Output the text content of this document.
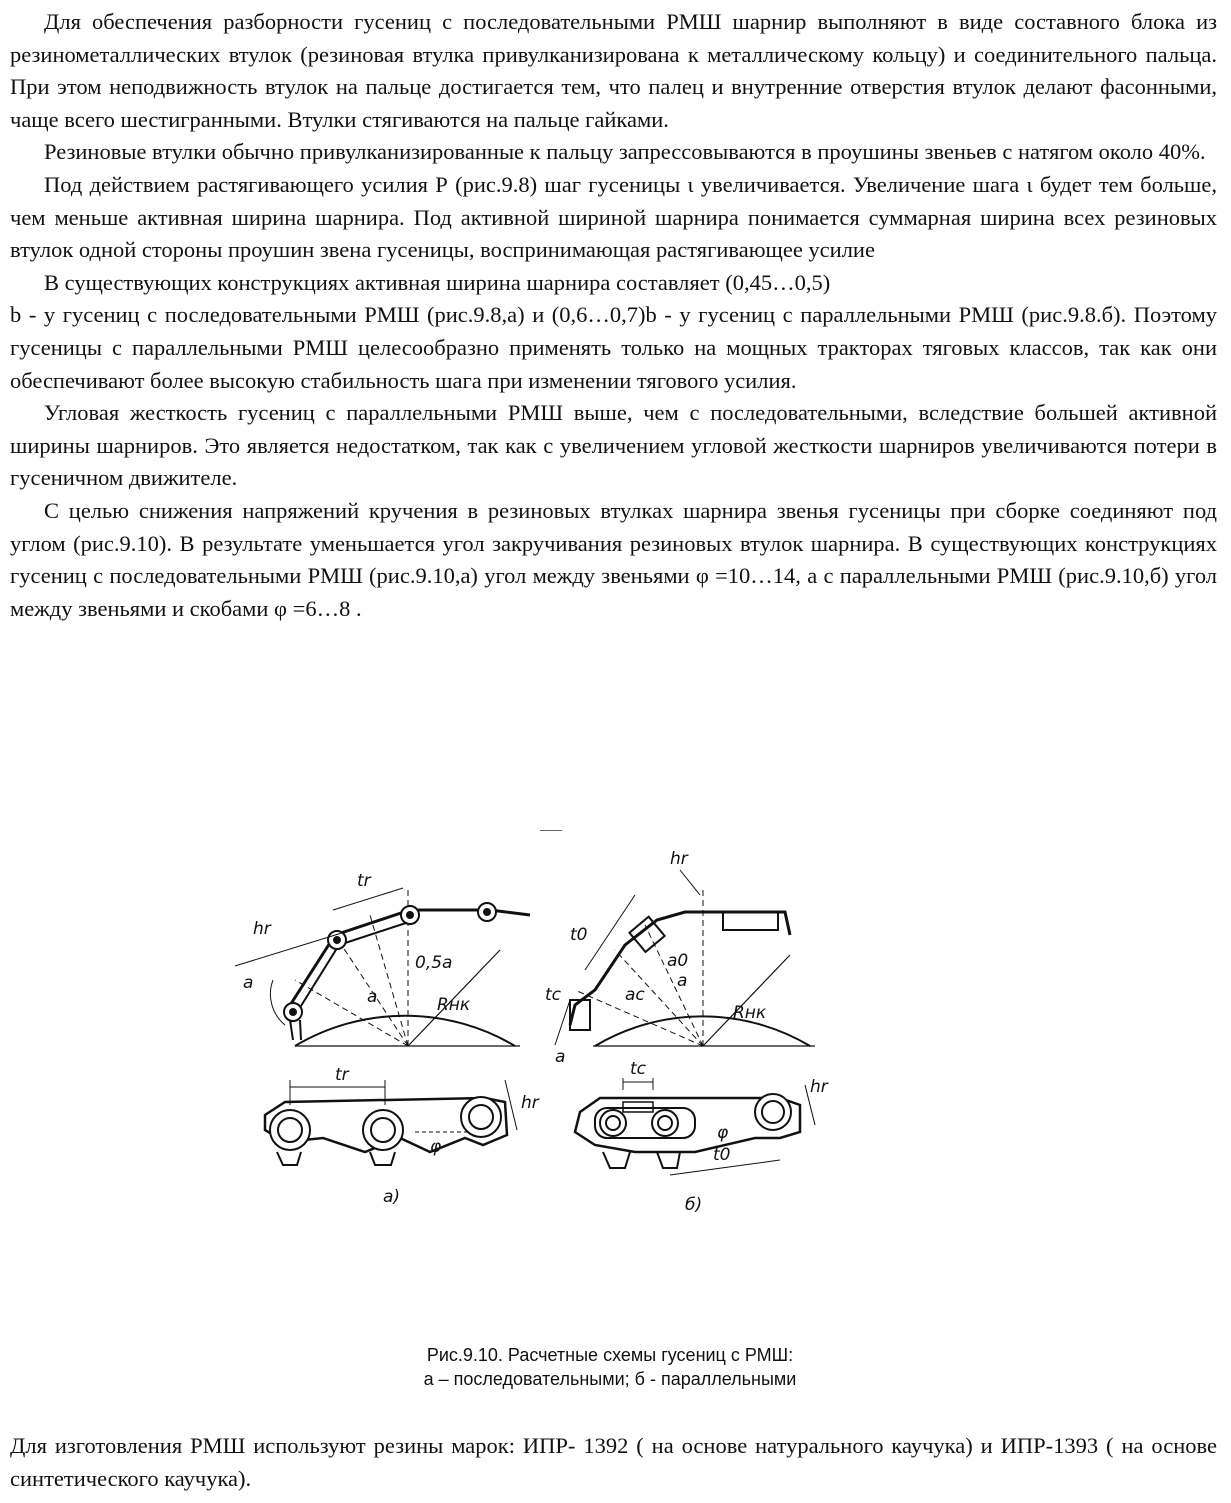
Для обеспечения разборности гусениц с последовательными РМШ шарнир выполняют в виде составного блока из резинометаллических втулок (резиновая втулка привулканизирована к металлическому кольцу) и соединительного пальца. При этом неподвижность втулок на пальце достигается тем, что палец и внутренние отверстия втулок делают фасонными, чаще всего шестигранными. Втулки стягиваются на пальце гайками.

Резиновые втулки обычно привулканизированные к пальцу запрессовываются в проушины звеньев с натягом около 40%.

Под действием растягивающего усилия Р (рис.9.8) шаг гусеницы ι увеличивается. Увеличение шага ι будет тем больше, чем меньше активная ширина шарнира. Под активной шириной шарнира понимается суммарная ширина всех резиновых втулок одной стороны проушин звена гусеницы, воспринимающая растягивающее усилие

В существующих конструкциях активная ширина шарнира составляет (0,45…0,5)

b - у гусениц с последовательными РМШ (рис.9.8,а) и (0,6…0,7)b - у гусениц с параллельными РМШ (рис.9.8.б). Поэтому гусеницы с параллельными РМШ целесообразно применять только на мощных тракторах тяговых классов, так как они обеспечивают более высокую стабильность шага при изменении тягового усилия.

Угловая жесткость гусениц с параллельными РМШ выше, чем с последовательными, вследствие большей активной ширины шарниров. Это является недостатком, так как с увеличением угловой жесткости шарниров увеличиваются потери в гусеничном движителе.

С целью снижения напряжений кручения в резиновых втулках шарнира звенья гусеницы при сборке соединяют под углом (рис.9.10). В результате уменьшается угол закручивания резиновых втулок шарнира. В существующих конструкциях гусениц с последовательными РМШ (рис.9.10,а) угол между звеньями φ =10…14, а с параллельными РМШ (рис.9.10,б) угол между звеньями и скобами φ =6…8 .

hr
tr
a
0,5a
a	Rнк
tr
hr
φ
а)
hr
t0
tc
a0
a
ac
Rнк
a
tc
hr
φ
t0
б)
Рис.9.10. Расчетные схемы гусениц с РМШ:
а – последовательными; б - параллельными

Для изготовления РМШ используют резины марок: ИПР- 1392 ( на основе натурального каучука) и ИПР-1393 ( на основе синтетического каучука).
